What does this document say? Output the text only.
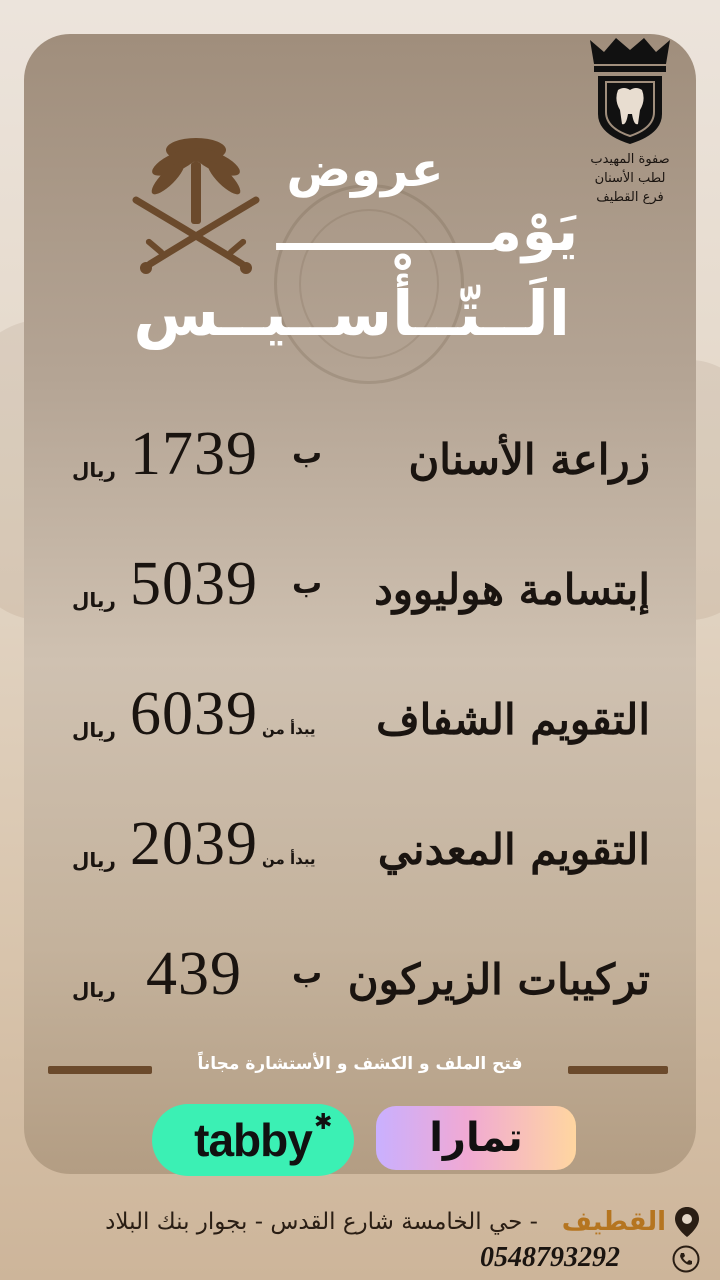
صفوة المهيدب
لطب الأسنان
فرع القطيف
عروض
يَوْمـــــــــــ
الَــتّــأْســيــس
زراعة الأسنان
ب
1739
ريال
إبتسامة هوليوود
ب
5039
ريال
التقويم الشفاف
يبدأ من
6039
ريال
التقويم المعدني
يبدأ من
2039
ريال
تركيبات الزيركون
ب
439
ريال
فتح الملف و الكشف و الأستشارة مجاناً
tabby ✱	تمارا
القطيف
- حي الخامسة شارع القدس - بجوار بنك البلاد
0548793292
